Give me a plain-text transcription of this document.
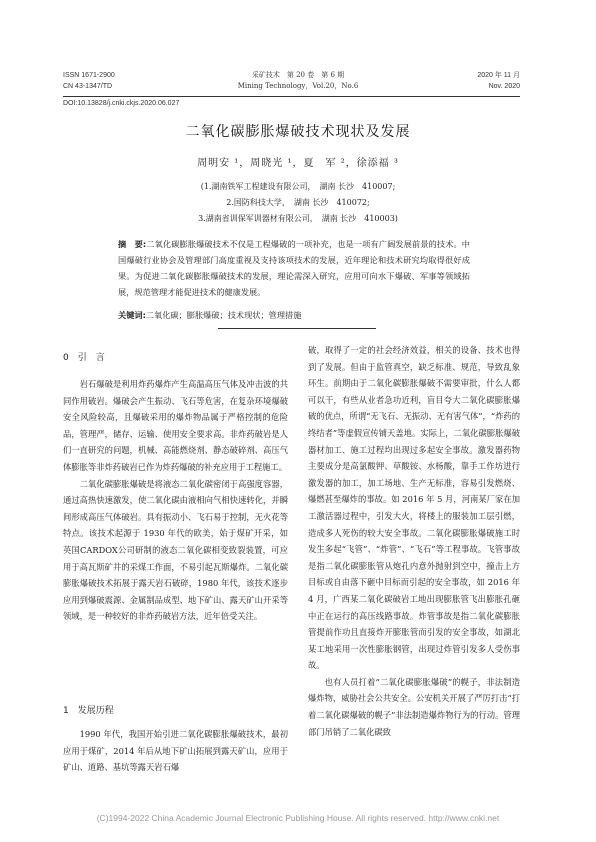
ISSN 1671-2900
CN 43-1347/TD
采矿技术　第 20 卷　第 6 期
Mining Technology，Vol.20，No.6
2020 年 11 月
Nov. 2020
DOI:10.13828/j.cnki.ckjs.2020.06.027
二氧化碳膨胀爆破技术现状及发展
周明安 ¹，周晓光 ¹，夏　军 ²，徐添福 ³
(1.湖南铁军工程建设有限公司，　湖南 长沙　410007;
2.国防科技大学，　湖南 长沙　410072;
3.湖南省训保军训器材有限公司，　湖南 长沙　410003)
摘　要:二氧化碳膨胀爆破技术不仅是工程爆破的一项补充，也是一项有广阔发展前景的技术。中国爆破行业协会及管理部门高度重视及支持该项技术的发展，近年理论和技术研究均取得很好成果。为促进二氧化碳膨胀爆破技术的发展，理论需深入研究，应用可向水下爆破、军事等领域拓展，规范管理才能促进技术的健康发展。
关键词:二氧化碳；膨胀爆破；技术现状；管理措施
0　引　言

岩石爆破是利用炸药爆炸产生高温高压气体及冲击波的共同作用破岩。爆破会产生振动、飞石等危害，在复杂环境爆破安全风险较高，且爆破采用的爆炸物品属于严格控制的危险品，管理严，储存、运输、使用安全要求高。非炸药破岩是人们一直研究的问题，机械、高能燃烧剂、静态破碎剂、高压气体膨胀等非炸药破岩已作为炸药爆破的补充应用于工程施工。

二氧化碳膨胀爆破是将液态二氧化碳密闭于高强度容器，通过高热快速激发，使二氧化碳由液相向气相快速转化，并瞬间形成高压气体破岩。具有振动小、飞石易于控制，无火花等特点。该技术起源于 1930 年代的欧美，始于煤矿开采，如英国CARDOX公司研制的液态二氧化碳相变致裂装置，可应用于高瓦斯矿井的采煤工作面，不易引起瓦斯爆炸。二氧化碳膨胀爆破技术拓展于露天岩石破碎，1980 年代，该技术逐步应用到爆破震源、金属制品成型、地下矿山、露天矿山开采等领域，是一种较好的非炸药破岩方法，近年倍受关注。

1　发展历程

1990 年代，我国开始引进二氧化碳膨胀爆破技术，最初应用于煤矿，2014 年后从地下矿山拓展到露天矿山，应用于矿山、道路、基坑等露天岩石爆

破，取得了一定的社会经济效益，相关的设备、技术也得到了发展。但由于监管真空，缺乏标准、规范，导致乱象环生。前期由于二氧化碳膨胀爆破不需要审批，什么人都可以干，有些从业者急功近利，盲目夸大二氧化碳膨胀爆破的优点，所谓“无飞石、无振动、无有害气体”，“炸药的终结者”等虚假宣传铺天盖地。实际上，二氧化碳膨胀爆破器材加工、施工过程均出现过多起安全事故。激发器药物主要成分是高氯酸钾、草酸铵、水杨酸，靠手工作坊进行激发器的加工，加工场地、生产无标准，容易引发燃烧、爆燃甚至爆炸的事故。如 2016 年 5 月，河南某厂家在加工激活器过程中，引发大火，将楼上的服装加工层引燃，造成多人死伤的较大安全事故。二氧化碳膨胀爆破施工时发生多起“飞管”、“炸管”、“飞石”等工程事故。飞管事故是指二氧化碳膨胀管从炮孔内意外抛射到空中，撞击上方目标或自由落下砸中目标而引起的安全事故，如 2016 年 4 月，广西某二氧化碳破岩工地出现膨胀管飞出膨胀孔砸中正在运行的高压线路事故。炸管事故是指二氧化碳膨胀管提前作功且直接炸开膨胀管而引发的安全事故，如湖北某工地采用一次性膨胀钢管，出现过炸管引发多人受伤事故。

也有人员打着“二氧化碳膨胀爆破”的幌子，非法制造爆炸物，威胁社会公共安全。公安机关开展了严厉打击“打着二氧化碳爆破的幌子”非法制造爆炸物行为的行动。管理部门吊销了二氧化碳致

(C)1994-2022 China Academic Journal Electronic Publishing House. All rights reserved. http://www.cnki.net
